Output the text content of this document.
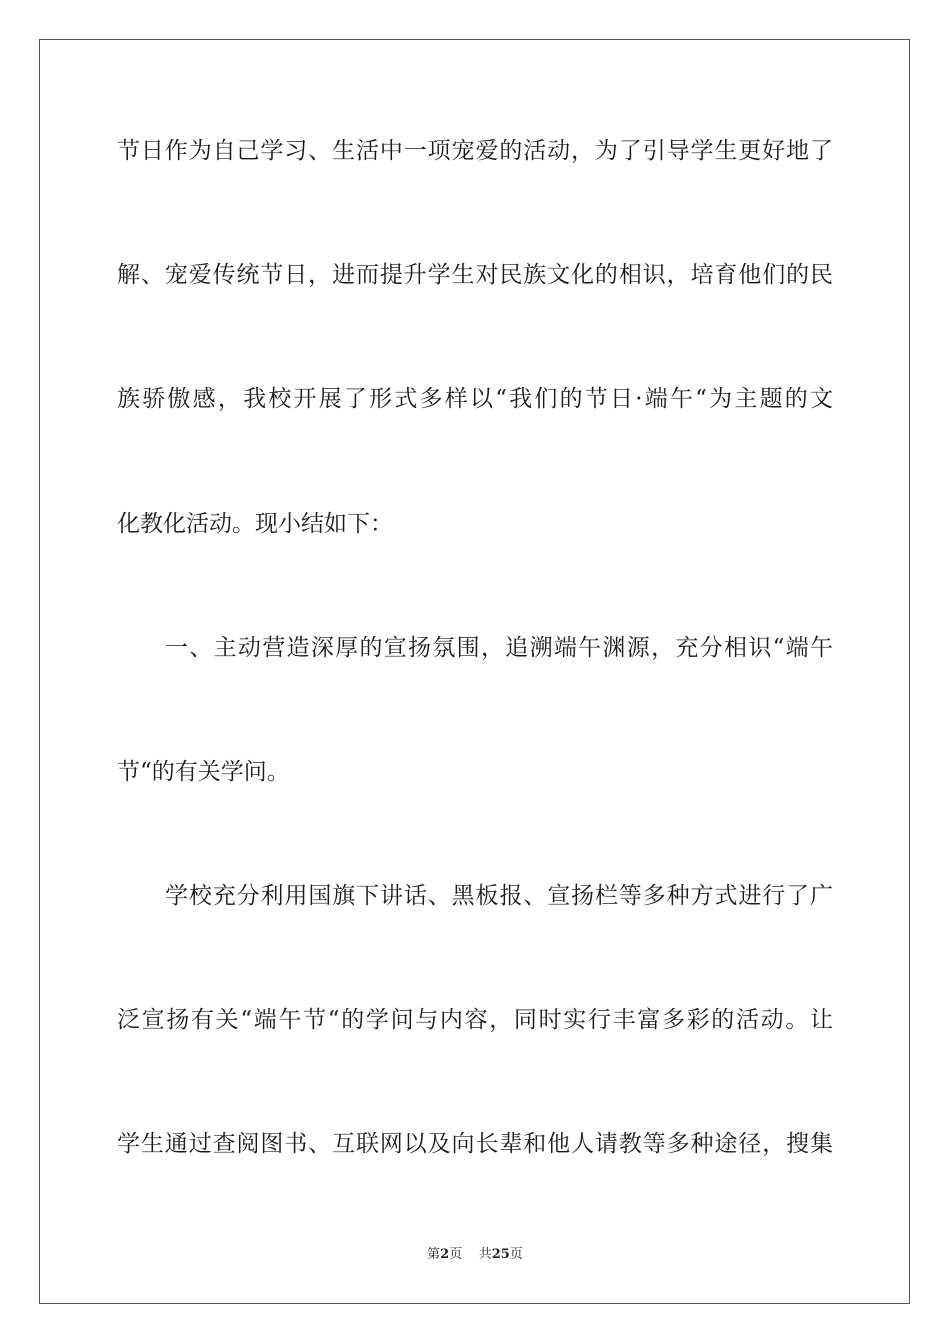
节日作为自己学习、生活中一项宠爱的活动，为了引导学生更好地了
解、宠爱传统节日，进而提升学生对民族文化的相识，培育他们的民
族骄傲感，我校开展了形式多样以“我们的节日·端午“为主题的文
化教化活动。现小结如下：
一、主动营造深厚的宣扬氛围，追溯端午渊源，充分相识“端午
节“的有关学问。
学校充分利用国旗下讲话、黑板报、宣扬栏等多种方式进行了广
泛宣扬有关“端午节“的学问与内容，同时实行丰富多彩的活动。让
学生通过查阅图书、互联网以及向长辈和他人请教等多种途径，搜集
第2页 共25页
